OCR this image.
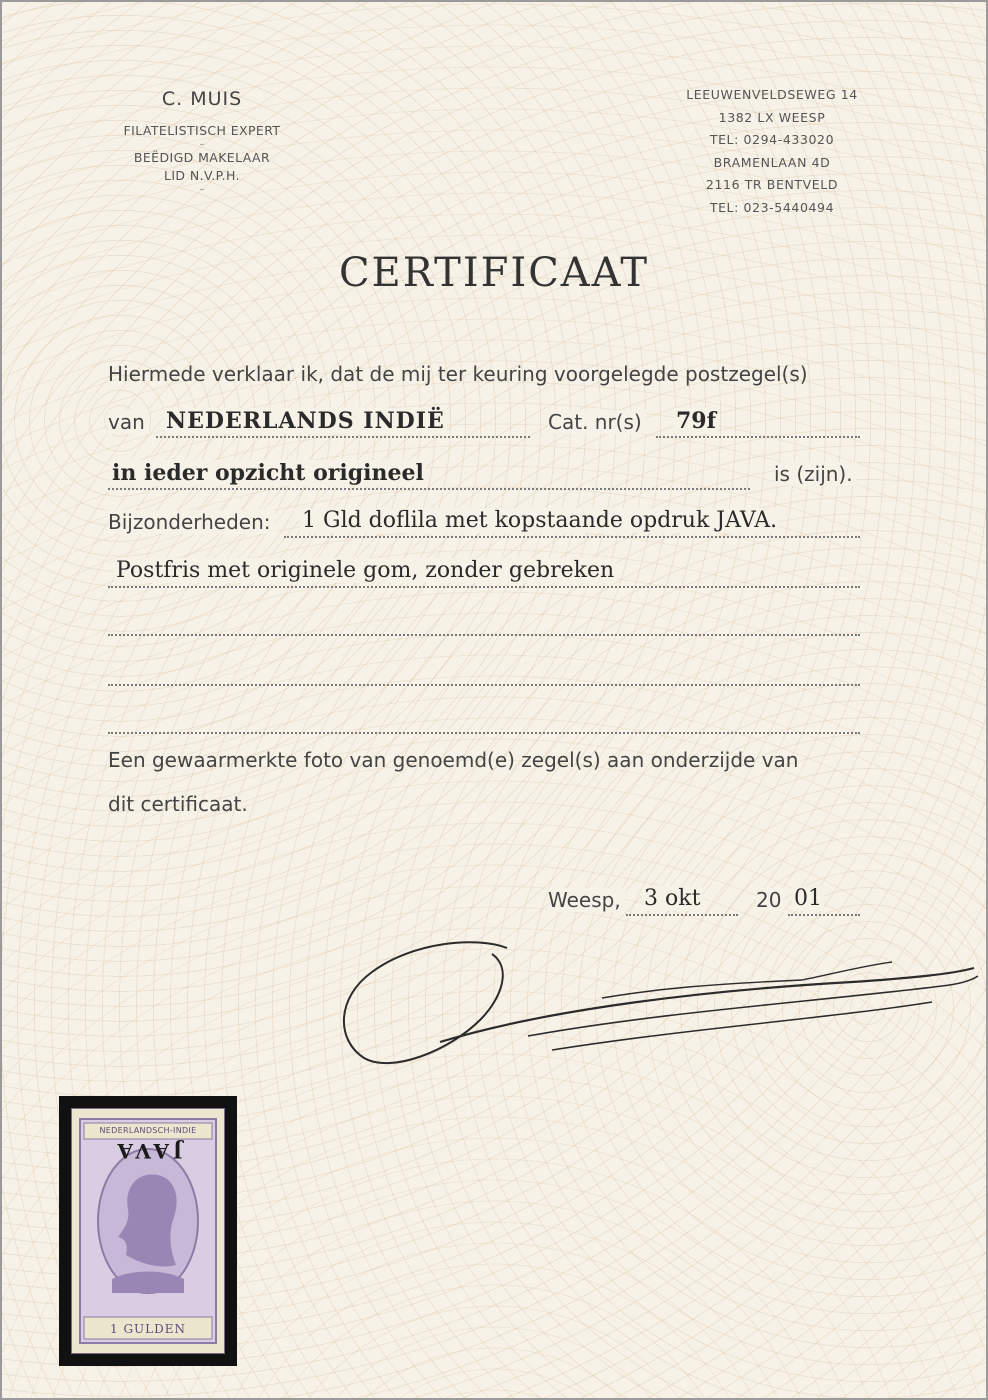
C. MUIS
FILATELISTISCH EXPERT
–
BEËDIGD MAKELAAR
LID N.V.P.H.
–
LEEUWENVELDSEWEG 14
1382 LX WEESP
TEL: 0294-433020
BRAMENLAAN 4D
2116 TR BENTVELD
TEL: 023-5440494
CERTIFICAAT
Hiermede verklaar ik, dat de mij ter keuring voorgelegde postzegel(s)
van NEDERLANDS INDIË	Cat. nr(s) 79f
in ieder opzicht origineel	is (zijn).
Bijzonderheden: 1 Gld doflila met kopstaande opdruk JAVA.
Postfris met originele gom, zonder gebreken
Een gewaarmerkte foto van genoemd(e) zegel(s) aan onderzijde van
dit certificaat.
Weesp, 3 okt	20 01
NEDERLANDSCH-INDIE
JAVA
1 GULDEN
